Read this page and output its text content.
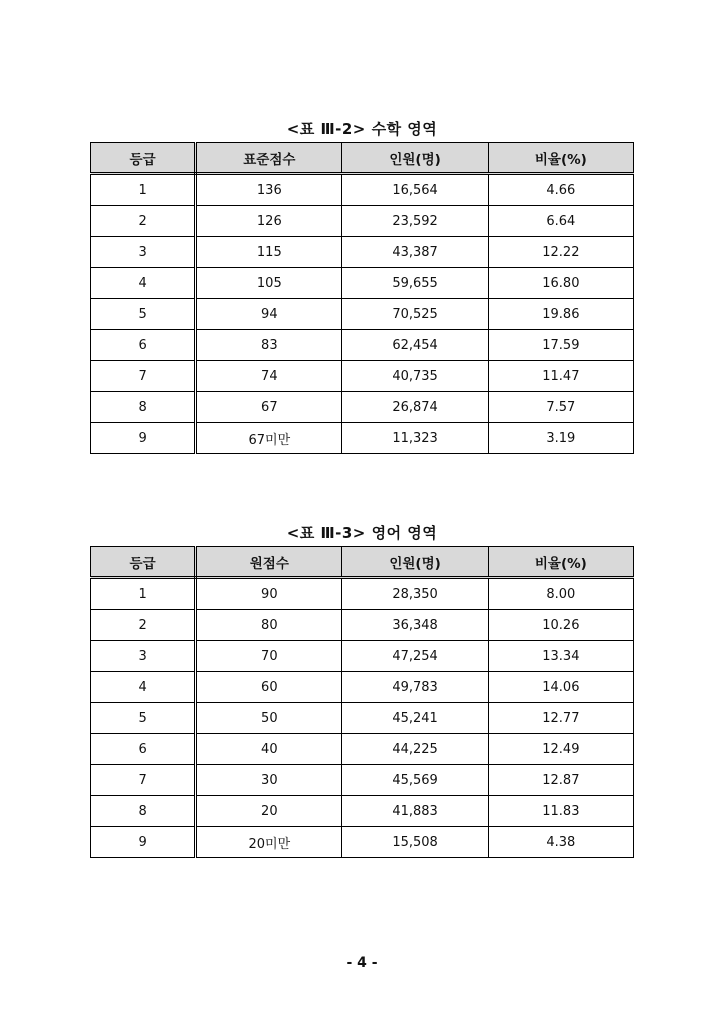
<표 Ⅲ-2> 수학 영역
등급	표준점수	인원(명)	비율(%)
1	136	16,564	4.66
2	126	23,592	6.64
3	115	43,387	12.22
4	105	59,655	16.80
5	94	70,525	19.86
6	83	62,454	17.59
7	74	40,735	11.47
8	67	26,874	7.57
9	67미만	11,323	3.19
<표 Ⅲ-3> 영어 영역
등급	원점수	인원(명)	비율(%)
1	90	28,350	8.00
2	80	36,348	10.26
3	70	47,254	13.34
4	60	49,783	14.06
5	50	45,241	12.77
6	40	44,225	12.49
7	30	45,569	12.87
8	20	41,883	11.83
9	20미만	15,508	4.38
- 4 -
